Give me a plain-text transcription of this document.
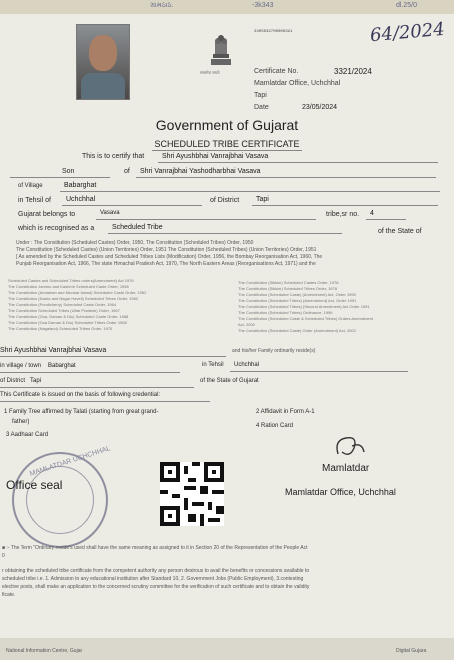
ગ્રામઠાઠ.	-3k343	dl.25/0
सत्यमेव जयते
2405032700000321	64/2024
Certificate No.	3321/2024
Mamlatdar Office, Uchchhal
Tapi
Date	23/05/2024
Government of Gujarat
SCHEDULED TRIBE CERTIFICATE
This is to certify that	Shri Ayushbhai Vanrajbhai Vasava
Son	of Shri Vanrajbhai Yashodharbhai Vasava
of Village	Babarghat
in Tehsil of Uchchhal	of District Tapi
Gujarat belongs to	Vasava	tribe,sr no. 4
which is recognised as a	Scheduled Tribe
of the State of
Under : The Constitution (Scheduled Castes) Order, 1950, The Constitution (Scheduled Tribes) Order, 1950
The Constitution (Scheduled Castes) (Union Territories) Order, 1951 The Constitution (Scheduled Tribes) (Union Territories) Order, 1951
[ As amended by the Scheduled Castes and Scheduled Tribes Lists (Modification) Order, 1956, the Bombay Reorganisation Act, 1960, The
Punjab Reorganisation Act, 1966, The state Himachal Pradesh Act, 1970, The North Eastern Areas (Reorganisations Act, 1971) and the
Scheduled Castes and Scheduled Tribes orders(Amendment) Act 1976
The Constitution Jammu and Kashmir Scheduled Caste Order, 1956
The Constitution (Andaman and Nicobar Island) Scheduled Caste Order, 1962
The Constitution (Dadra and Nagar Haveli) Scheduled Tribes Order, 1962
The Constitution (Pondicherry) Scheduled Caste Order, 1964
The Constitution Scheduled Tribes (Uttar Pradesh) Order, 1967
The Constitution (Goa, Daman & Diu) Scheduled Caste Order, 1968
The Constitution (Goa Daman & Diu) Scheduled Tribes Order 1968
The Constitution (Nagaland) Scheduled Tribes Order, 1970
The Constitution (Sikkim) Scheduled Castes Order, 1978
The Constitution (Sikkim) Scheduled Tribes Order, 1978
The Constitution (Scheduled Caste) (Amendment) Act, Order 1990
The Constitution (Scheduled Tribes) (Amendment) Act, Order 1991
The Constitution (Scheduled Tribes) (Second Amendment) Act Order 1991
The Constitution (Scheduled Tribes) Ordinance, 1996
The Constitution (Scheduled Caste & Scheduled Tribes) Orders Amendment
Act, 2002
The Constitution (Scheduled Caste) Order (Amendment) Act, 2002
Shri Ayushbhai Vanrajbhai Vasava	and his/her Family ordinarily reside(s)
in village / town Babarghat	in Tehsil Uchchhal
of District Tapi	of the State of Gujarat
This Certificate is issued on the basis of following credential:
1 Family Tree affirmed by Talati (starting from great grand-
father)
2 Affidavit in Form A-1
3 Aadhaar Card
4 Ration Card
MAMLATDAR UCHCHHAL
Office seal
Mamlatdar
Mamlatdar Office, Uchchhal
■ :- The Term "Ordinary reside's used shall have the same meaning as assigned to it in Section 20 of the Representation of the People Act
0
r obtaining the scheduled tribe certificate from the competent authority any person desirous to avail the benefits or concessions available to
scheduled tribe i.e. 1. Admission to any educational institution after Standard 10, 2. Government Jobs (Public Employment), 3.contesting
elective posts, shall make an application to the concerned scrutiny committee for the verification of such certificate and to obtain the validity
ficate.
National Information Centre, Gujar	Digital Gujara
